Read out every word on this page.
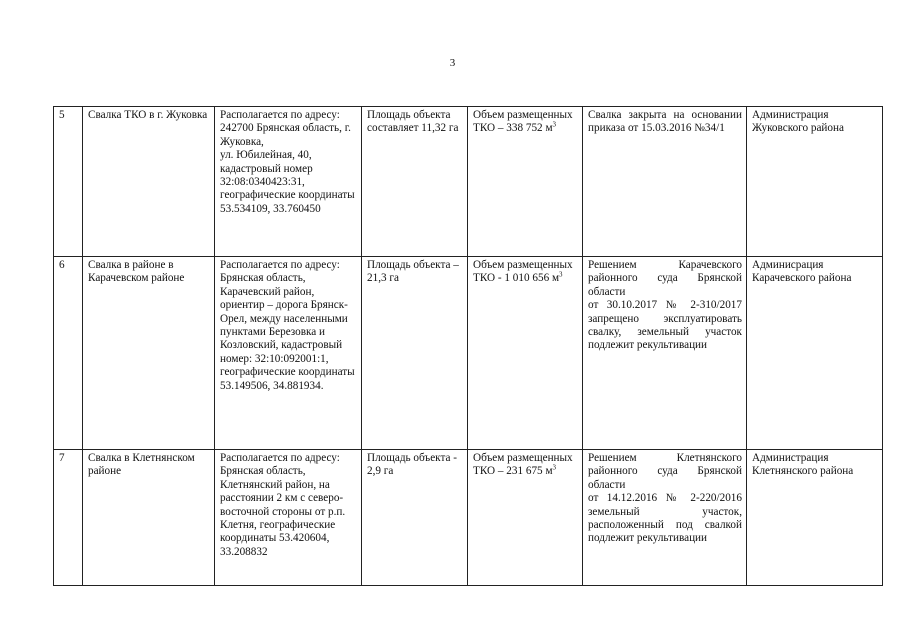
3
5	Свалка ТКО в г. Жуковка	Располагается по адресу: 242700 Брянская область, г. Жуковка,
ул. Юбилейная, 40, кадастровый номер 32:08:0340423:31, географические координаты 53.534109, 33.760450	Площадь объекта составляет 11,32 га	Объем размещенных ТКО – 338 752 $м^3$	Свалка закрыта на основании приказа от 15.03.2016 №34/1	Администрация Жуковского района
6	Свалка в районе в Карачевском районе	Располагается по адресу: Брянская область, Карачевский район, ориентир – дорога Брянск-Орел, между населенными пунктами Березовка и Козловский, кадастровый номер: 32:10:092001:1, географические координаты 53.149506, 34.881934.	Площадь объекта – 21,3 га	Объем размещенных ТКО - 1 010 656 $м^3$	Решением Карачевского районного суда Брянской области
от 30.10.2017 № 2-310/2017 запрещено эксплуатировать свалку, земельный участок подлежит рекультивации	Админисрация Карачевского района
7	Свалка в Клетнянском районе	Располагается по адресу: Брянская область, Клетнянский район, на расстоянии 2 км с северо-восточной стороны от р.п. Клетня, географические координаты 53.420604, 33.208832	Площадь объекта - 2,9 га	Объем размещенных ТКО – 231 675 $м^3$	Решением Клетнянского районного суда Брянской области
от 14.12.2016 № 2-220/2016 земельный участок, расположенный под свалкой подлежит рекультивации	Администрация Клетнянского района
